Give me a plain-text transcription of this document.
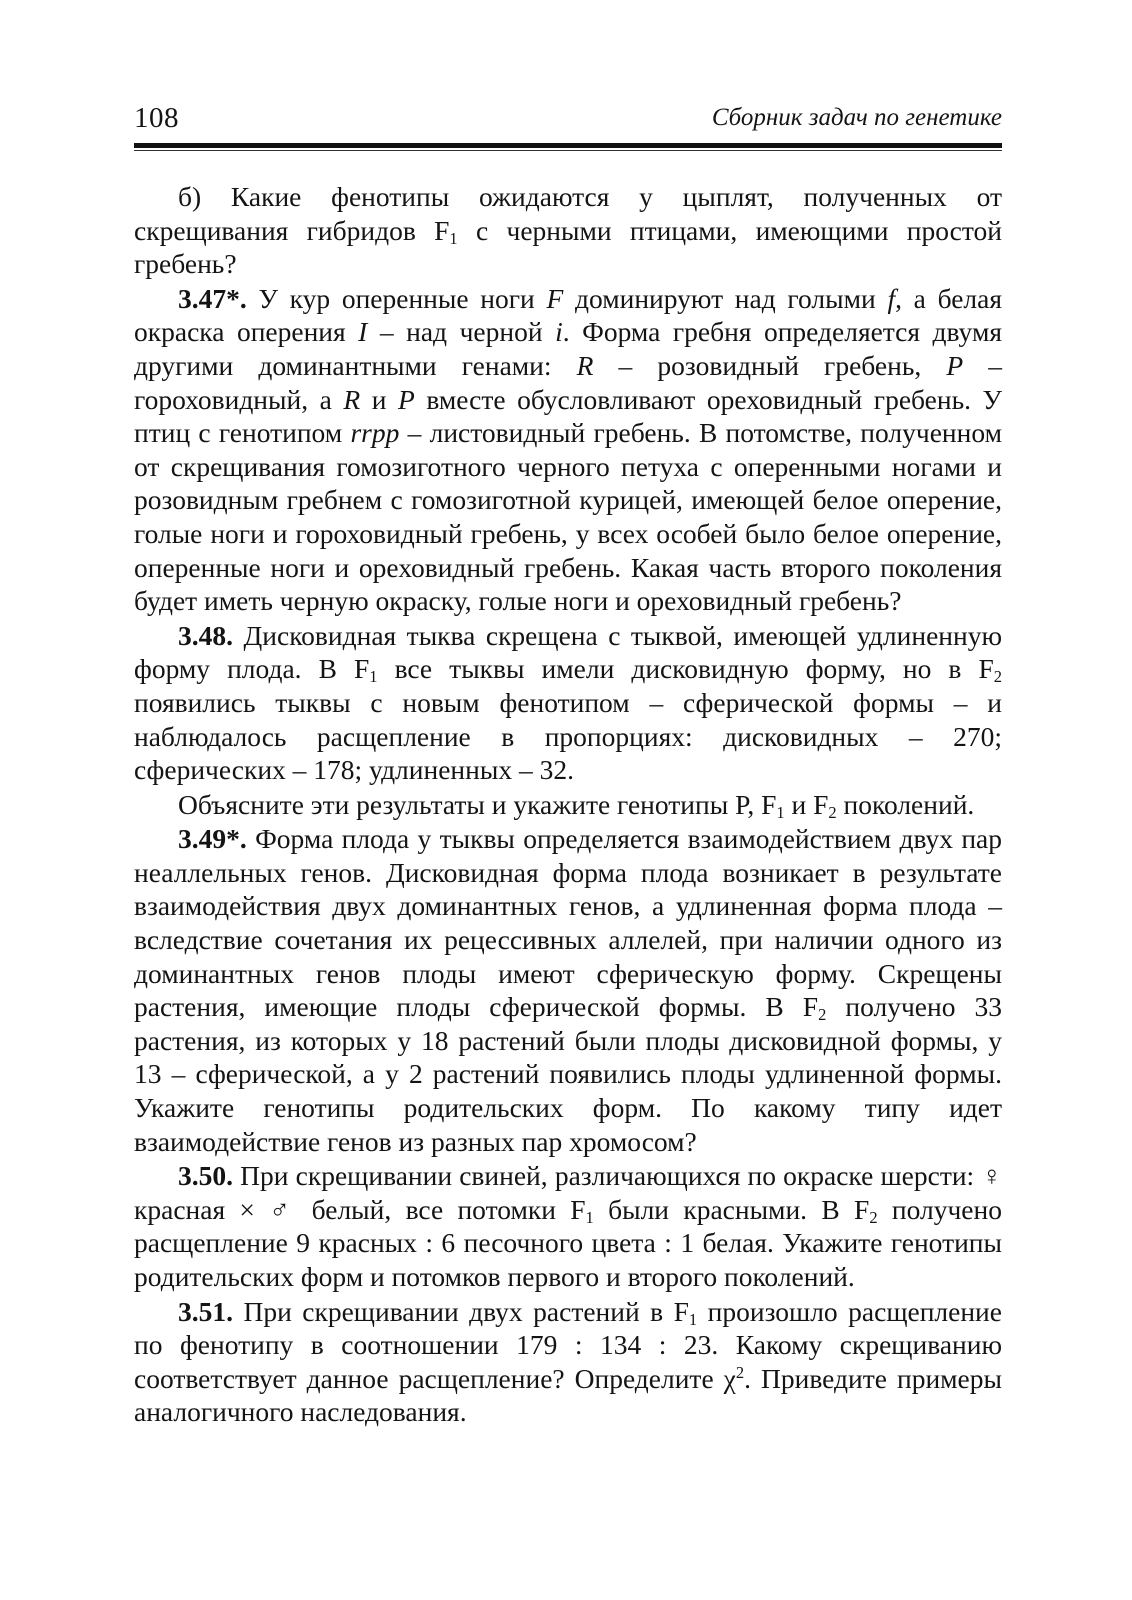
108	Сборник задач по генетике

б) Какие фенотипы ожидаются у цыплят, полученных от скрещивания гибридов $F_1$ с черными птицами, имеющими простой гребень?

3.47*. У кур оперенные ноги F доминируют над голыми f, а белая окраска оперения I – над черной i. Форма гребня определяется двумя другими доминантными генами: R – розовидный гребень, P – гороховидный, а R и P вместе обусловливают ореховидный гребень. У птиц с генотипом rrpp – листовидный гребень. В потомстве, полученном от скрещивания гомозиготного черного петуха с оперенными ногами и розовидным гребнем с гомозиготной курицей, имеющей белое оперение, голые ноги и гороховидный гребень, у всех особей было белое оперение, оперенные ноги и ореховидный гребень. Какая часть второго поколения будет иметь черную окраску, голые ноги и ореховидный гребень?

3.48. Дисковидная тыква скрещена с тыквой, имеющей удлиненную форму плода. В $F_1$ все тыквы имели дисковидную форму, но в $F_2$ появились тыквы с новым фенотипом – сферической формы – и наблюдалось расщепление в пропорциях: дисковидных – 270; сферических – 178; удлиненных – 32.

Объясните эти результаты и укажите генотипы P, $F_1$ и $F_2$ поколений.

3.49*. Форма плода у тыквы определяется взаимодействием двух пар неаллельных генов. Дисковидная форма плода возникает в результате взаимодействия двух доминантных генов, а удлиненная форма плода – вследствие сочетания их рецессивных аллелей, при наличии одного из доминантных генов плоды имеют сферическую форму. Скрещены растения, имеющие плоды сферической формы. В $F_2$ получено 33 растения, из которых у 18 растений были плоды дисковидной формы, у 13 – сферической, а у 2 растений появились плоды удлиненной формы. Укажите генотипы родительских форм. По какому типу идет взаимодействие генов из разных пар хромосом?

3.50. При скрещивании свиней, различающихся по окраске шерсти: ♀ красная × ♂ белый, все потомки $F_1$ были красными. В $F_2$ получено расщепление 9 красных : 6 песочного цвета : 1 белая. Укажите генотипы родительских форм и потомков первого и второго поколений.

3.51. При скрещивании двух растений в $F_1$ произошло расщепление по фенотипу в соотношении 179 : 134 : 23. Какому скрещиванию соответствует данное расщепление? Определите $\chi^2$. Приведите примеры аналогичного наследования.
